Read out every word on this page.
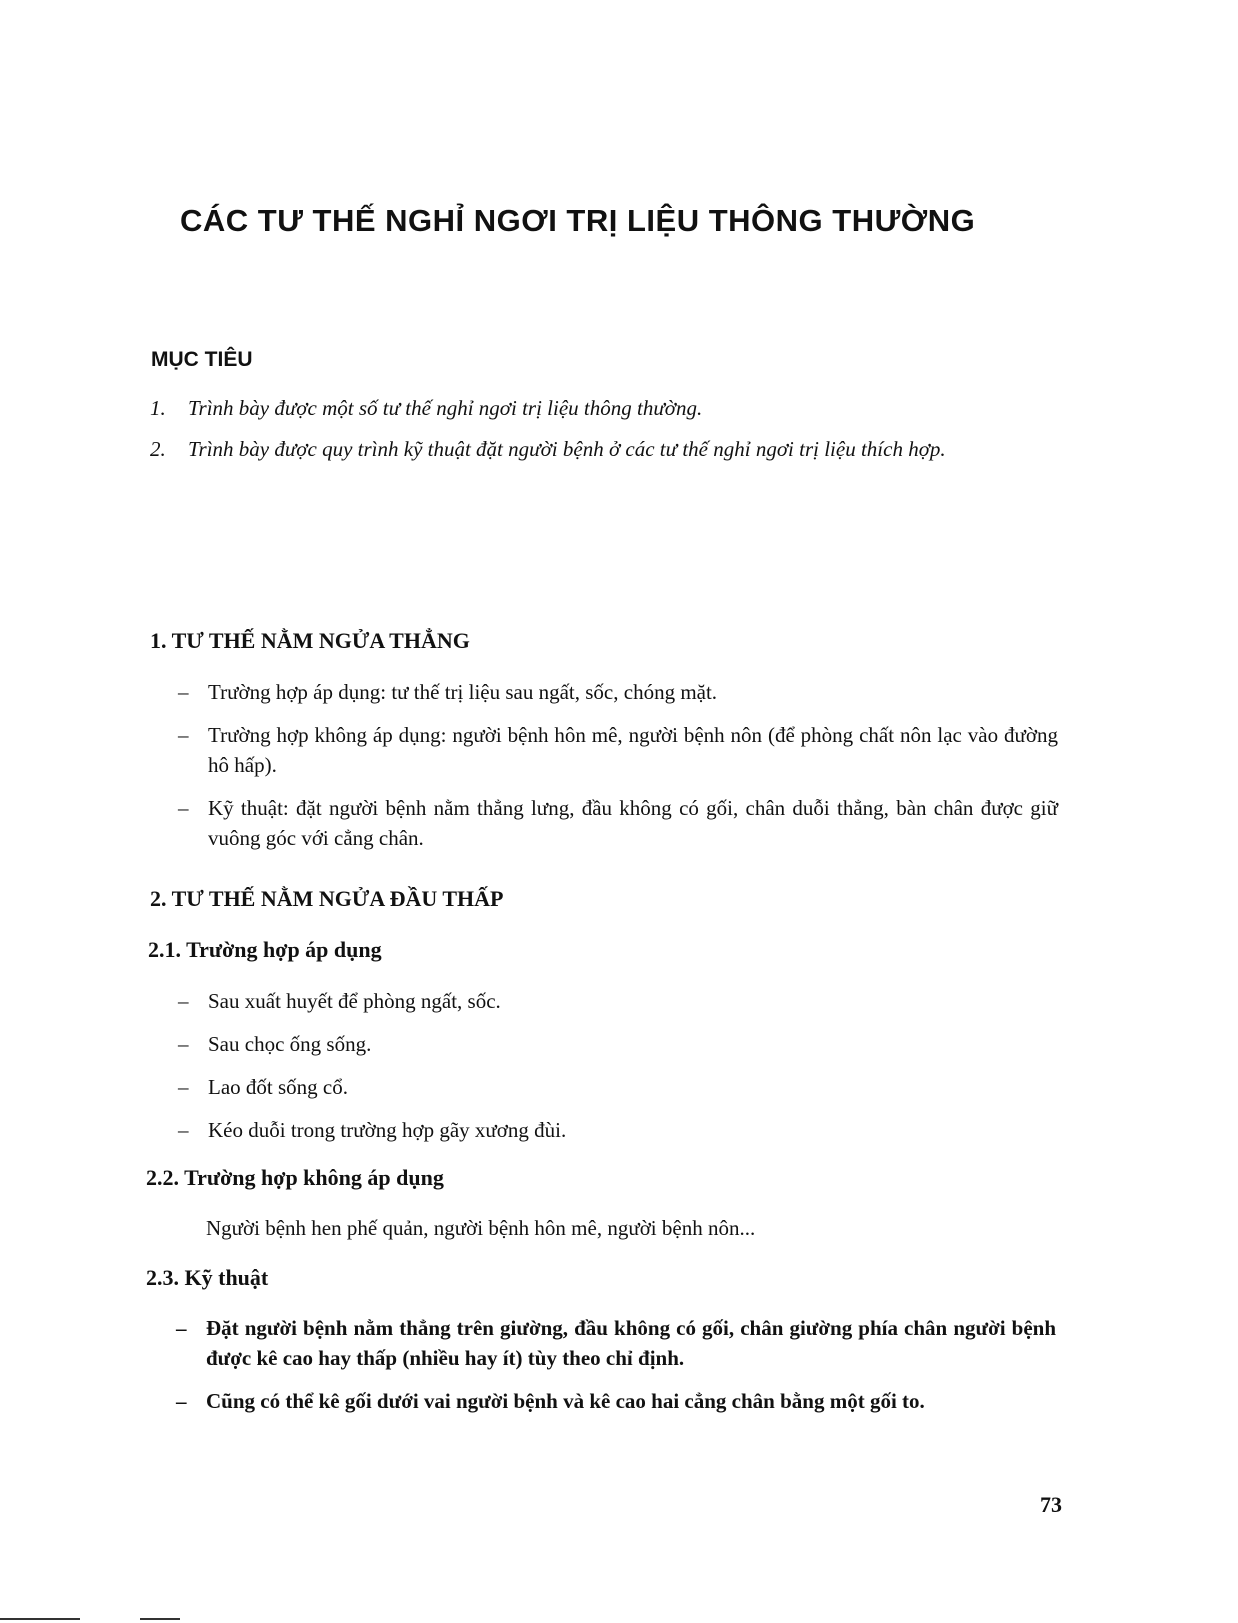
CÁC TƯ THẾ NGHỈ NGƠI TRỊ LIỆU THÔNG THƯỜNG
MỤC TIÊU
1. Trình bày được một số tư thế nghỉ ngơi trị liệu thông thường.
2. Trình bày được quy trình kỹ thuật đặt người bệnh ở các tư thế nghỉ ngơi trị liệu thích hợp.
1. TƯ THẾ NẰM NGỬA THẲNG
– Trường hợp áp dụng: tư thế trị liệu sau ngất, sốc, chóng mặt.
– Trường hợp không áp dụng: người bệnh hôn mê, người bệnh nôn (để phòng chất nôn lạc vào đường hô hấp).
– Kỹ thuật: đặt người bệnh nằm thẳng lưng, đầu không có gối, chân duỗi thẳng, bàn chân được giữ vuông góc với cẳng chân.
2. TƯ THẾ NẰM NGỬA ĐẦU THẤP
2.1. Trường hợp áp dụng
– Sau xuất huyết để phòng ngất, sốc.
– Sau chọc ống sống.
– Lao đốt sống cổ.
– Kéo duỗi trong trường hợp gãy xương đùi.
2.2. Trường hợp không áp dụng

Người bệnh hen phế quản, người bệnh hôn mê, người bệnh nôn...

2.3. Kỹ thuật
– Đặt người bệnh nằm thẳng trên giường, đầu không có gối, chân giường phía chân người bệnh được kê cao hay thấp (nhiều hay ít) tùy theo chỉ định.
– Cũng có thể kê gối dưới vai người bệnh và kê cao hai cẳng chân bằng một gối to.

73
